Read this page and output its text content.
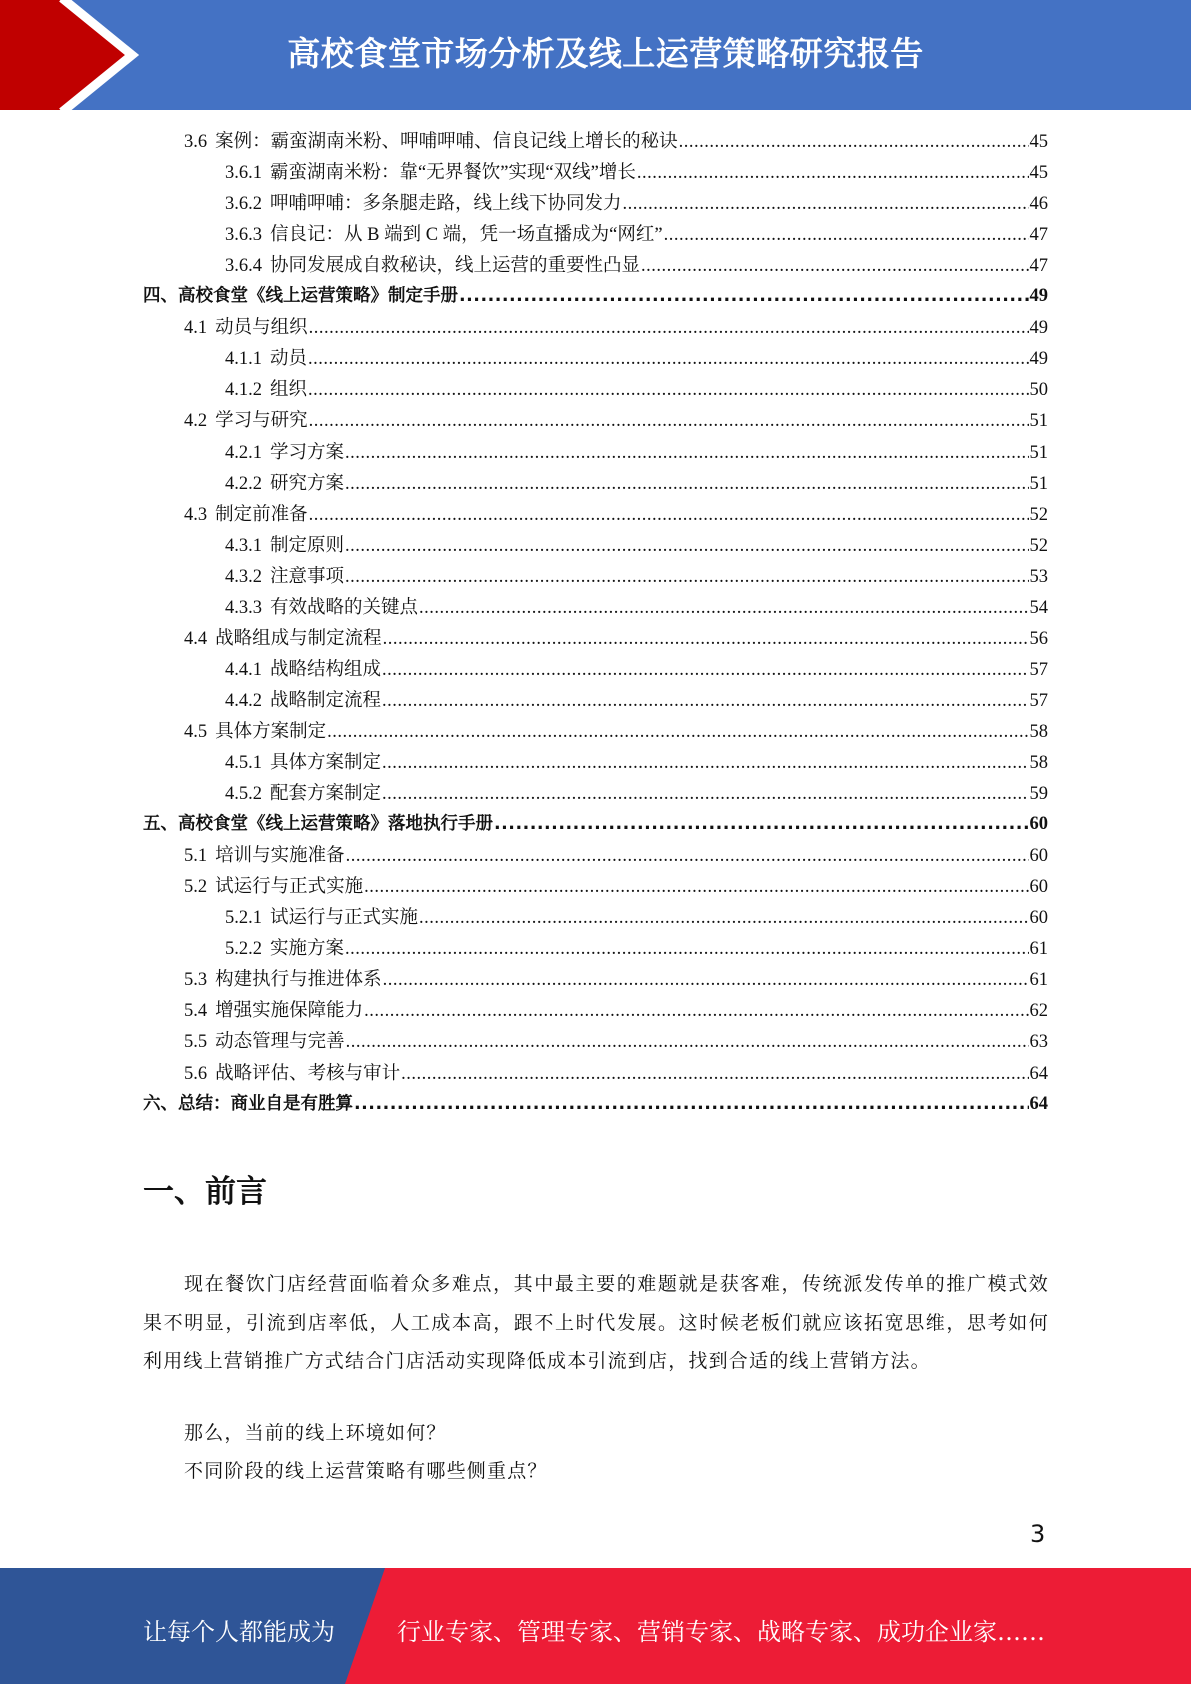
高校食堂市场分析及线上运营策略研究报告
3.6 案例：霸蛮湖南米粉、呷哺呷哺、信良记线上增长的秘诀 .....	45
3.6.1 霸蛮湖南米粉：靠“无界餐饮”实现“双线”增长 .....	45
3.6.2 呷哺呷哺：多条腿走路，线上线下协同发力 .....	46
3.6.3 信良记：从 B 端到 C 端，凭一场直播成为“网红” .....	47
3.6.4 协同发展成自救秘诀，线上运营的重要性凸显 .....	47
四、高校食堂《线上运营策略》制定手册 .....	49
4.1 动员与组织 .....	49
4.1.1 动员 .....	49
4.1.2 组织 .....	50
4.2 学习与研究 .....	51
4.2.1 学习方案 .....	51
4.2.2 研究方案 .....	51
4.3 制定前准备 .....	52
4.3.1 制定原则 .....	52
4.3.2 注意事项 .....	53
4.3.3 有效战略的关键点 .....	54
4.4 战略组成与制定流程 .....	56
4.4.1 战略结构组成 .....	57
4.4.2 战略制定流程 .....	57
4.5 具体方案制定 .....	58
4.5.1 具体方案制定 .....	58
4.5.2 配套方案制定 .....	59
五、高校食堂《线上运营策略》落地执行手册 .....	60
5.1 培训与实施准备 .....	60
5.2 试运行与正式实施 .....	60
5.2.1 试运行与正式实施 .....	60
5.2.2 实施方案 .....	61
5.3 构建执行与推进体系 .....	61
5.4 增强实施保障能力 .....	62
5.5 动态管理与完善 .....	63
5.6 战略评估、考核与审计 .....	64
六、总结：商业自是有胜算 .....	64
一、前言
现在餐饮门店经营面临着众多难点，其中最主要的难题就是获客难，传统派发传单的推广模式效果不明显，引流到店率低，人工成本高，跟不上时代发展。这时候老板们就应该拓宽思维，思考如何利用线上营销推广方式结合门店活动实现降低成本引流到店，找到合适的线上营销方法。
那么，当前的线上环境如何？
不同阶段的线上运营策略有哪些侧重点？
3
让每个人都能成为	行业专家、管理专家、营销专家、战略专家、成功企业家……
